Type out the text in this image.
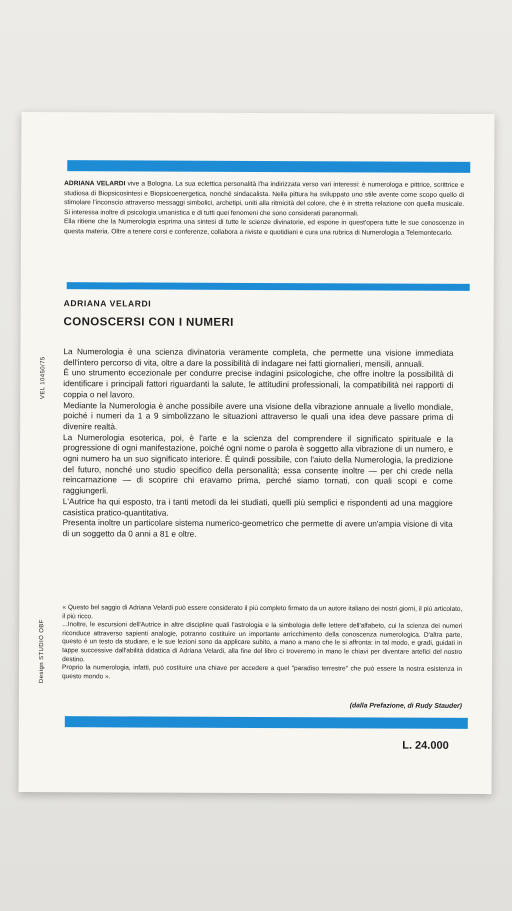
ADRIANA VELARDI vive a Bologna. La sua eclettica personalità l'ha indirizzata verso vari interessi: è numerologa e pittrice, scrittrice e studiosa di Biopsicosintesi e Biopsicoenergetica, nonché sindacalista. Nella pittura ha sviluppato uno stile avente come scopo quello di stimolare l'inconscio attraverso messaggi simbolici, archetipi, uniti alla ritmicità del colore, che è in stretta relazione con quella musicale. Si interessa inoltre di psicologia umanistica e di tutti quei fenomeni che sono considerati paranormali.

Ella ritiene che la Numerologia esprima una sintesi di tutte le scienze divinatorie, ed espone in quest'opera tutte le sue conoscenze in questa materia. Oltre a tenere corsi e conferenze, collabora a riviste e quotidiani e cura una rubrica di Numerologia a Telemontecarlo.

ADRIANA VELARDI
CONOSCERSI CON I NUMERI

La Numerologia è una scienza divinatoria veramente completa, che permette una visione immediata dell'intero percorso di vita, oltre a dare la possibilità di indagare nei fatti giornalieri, mensili, annuali.

È uno strumento eccezionale per condurre precise indagini psicologiche, che offre inoltre la possibilità di identificare i principali fattori riguardanti la salute, le attitudini professionali, la compatibilità nei rapporti di coppia o nel lavoro.

Mediante la Numerologia è anche possibile avere una visione della vibrazione annuale a livello mondiale, poiché i numeri da 1 a 9 simbolizzano le situazioni attraverso le quali una idea deve passare prima di divenire realtà.

La Numerologia esoterica, poi, è l'arte e la scienza del comprendere il significato spirituale e la progressione di ogni manifestazione, poiché ogni nome o parola è soggetto alla vibrazione di un numero, e ogni numero ha un suo significato interiore. È quindi possibile, con l'aiuto della Numerologia, la predizione del futuro, nonché uno studio specifico della personalità; essa consente inoltre — per chi crede nella reincarnazione — di scoprire chi eravamo prima, perché siamo tornati, con quali scopi e come raggiungerli.

L'Autrice ha qui esposto, tra i tanti metodi da lei studiati, quelli più semplici e rispondenti ad una maggiore casistica pratico-quantitativa.

Presenta inoltre un particolare sistema numerico-geometrico che permette di avere un'ampia visione di vita di un soggetto da 0 anni a 81 e oltre.

« Questo bel saggio di Adriana Velardi può essere considerato il più completo firmato da un autore italiano dei nostri giorni, il più articolato, il più ricco.

...Inoltre, le escursioni dell'Autrice in altre discipline quali l'astrologia e la simbologia delle lettere dell'alfabeto, cui la scienza dei numeri riconduce attraverso sapienti analogie, potranno costituire un importante arricchimento della conoscenza numerologica. D'altra parte, questo è un testo da studiare, e le sue lezioni sono da applicare subito, a mano a mano che le si affronta: in tal modo, e gradi, guidati in tappe successive dall'abilità didattica di Adriana Velardi, alla fine del libro ci troveremo in mano le chiavi per diventare artefici del nostro destino.

Proprio la numerologia, infatti, può costituire una chiave per accedere a quel "paradiso terrestre" che può essere la nostra esistenza in questo mondo ».

(dalla Prefazione, di Rudy Stauder)
L. 24.000
VEL 10450/75
Design STUDIO OBF
